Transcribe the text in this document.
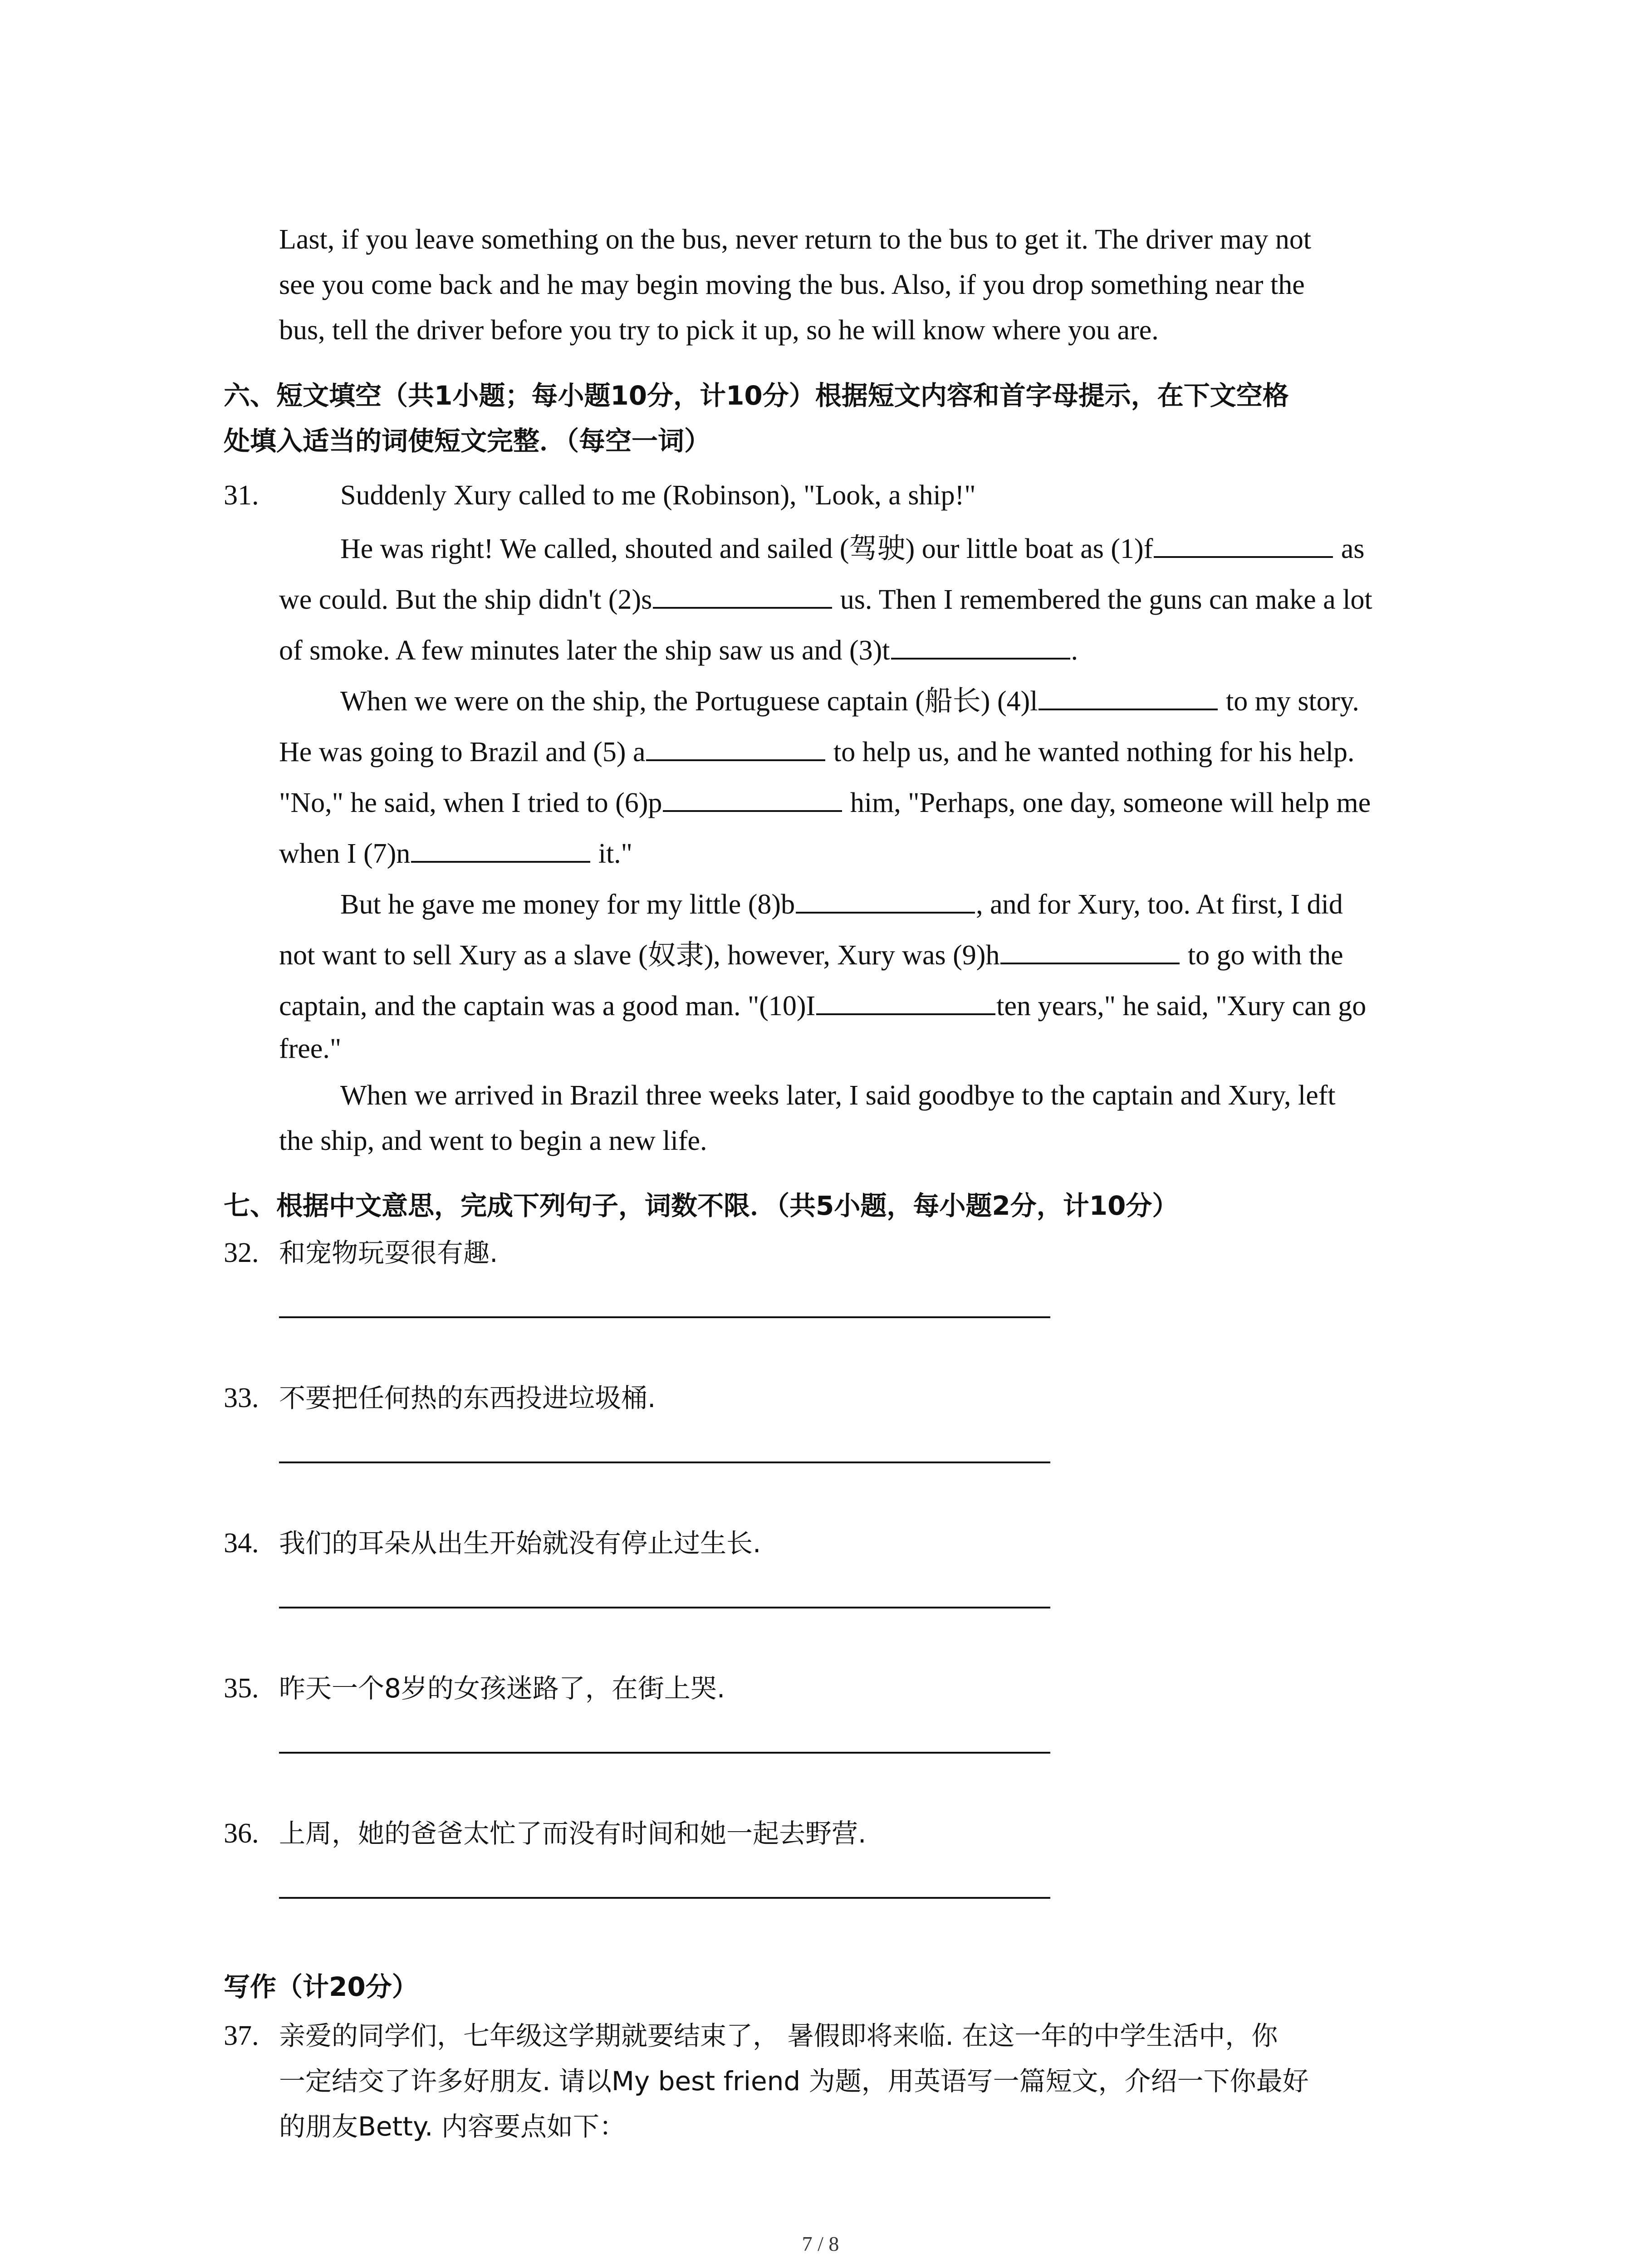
Last, if you leave something on the bus, never return to the bus to get it. The driver may not
see you come back and he may begin moving the bus. Also, if you drop something near the
bus, tell the driver before you try to pick it up, so he will know where you are.
六、短文填空（共1小题；每小题10分，计10分）根据短文内容和首字母提示，在下文空格
处填入适当的词使短文完整．（每空一词）
31.	Suddenly Xury called to me (Robinson), "Look, a ship!"
He was right! We called, shouted and sailed (驾驶) our little boat as (1)f	as
we could. But the ship didn't (2)s	us. Then I remembered the guns can make a lot
of smoke. A few minutes later the ship saw us and (3)t	.
When we were on the ship, the Portuguese captain (船长) (4)l	to my story.
He was going to Brazil and (5) a	to help us, and he wanted nothing for his help.
"No," he said, when I tried to (6)p	him, "Perhaps, one day, someone will help me
when I (7)n	it."
But he gave me money for my little (8)b	, and for Xury, too. At first, I did
not want to sell Xury as a slave (奴隶), however, Xury was (9)h	to go with the
captain, and the captain was a good man. "(10)I	ten years," he said, "Xury can go
free."
When we arrived in Brazil three weeks later, I said goodbye to the captain and Xury, left
the ship, and went to begin a new life.
七、根据中文意思，完成下列句子，词数不限．（共5小题，每小题2分，计10分）
32. 和宠物玩耍很有趣.
33. 不要把任何热的东西投进垃圾桶.
34. 我们的耳朵从出生开始就没有停止过生长.
35. 昨天一个8岁的女孩迷路了，在街上哭.
36. 上周，她的爸爸太忙了而没有时间和她一起去野营.
写作（计20分）
37. 亲爱的同学们，七年级这学期就要结束了， 暑假即将来临. 在这一年的中学生活中，你
一定结交了许多好朋友. 请以My best friend 为题，用英语写一篇短文，介绍一下你最好
的朋友Betty. 内容要点如下：
7 / 8
